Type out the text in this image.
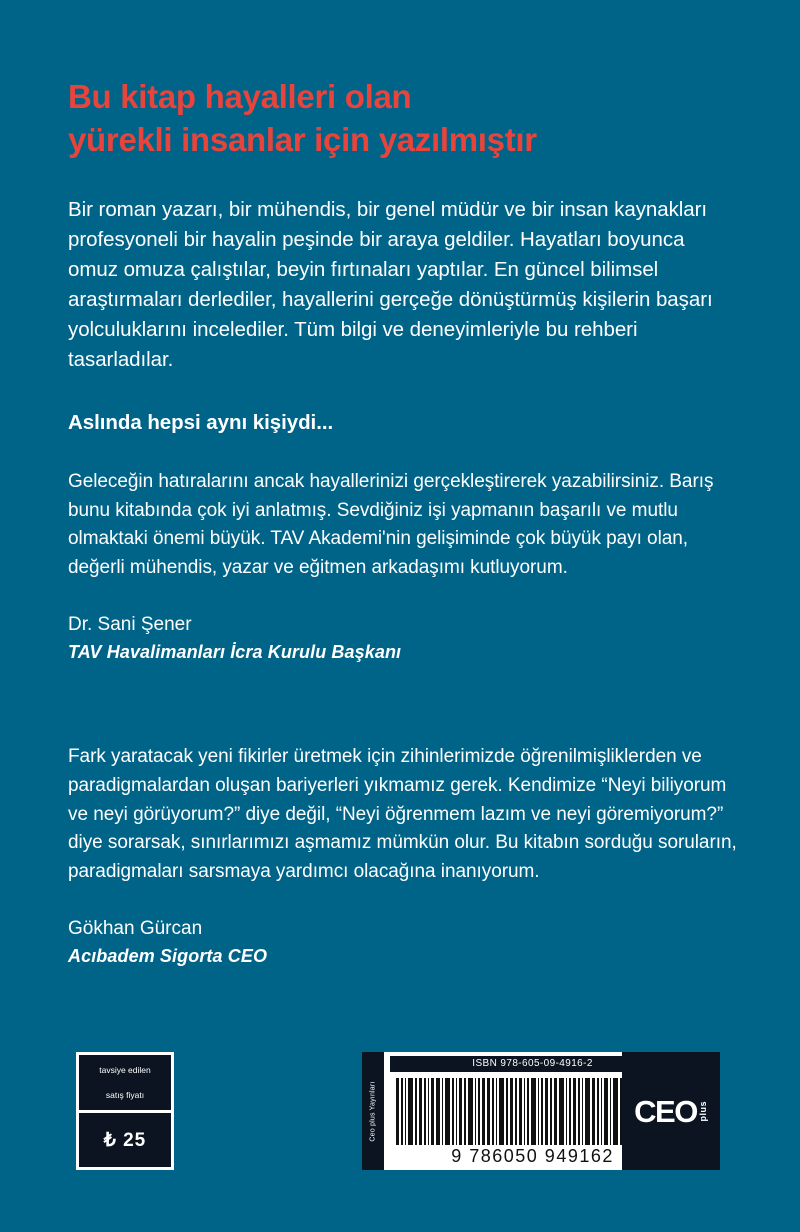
Bu kitap hayalleri olan
yürekli insanlar için yazılmıştır

Bir roman yazarı, bir mühendis, bir genel müdür ve bir insan kaynakları profesyoneli bir hayalin peşinde bir araya geldiler. Hayatları boyunca omuz omuza çalıştılar, beyin fırtınaları yaptılar. En güncel bilimsel araştırmaları derlediler, hayallerini gerçeğe dönüştürmüş kişilerin başarı yolculuklarını incelediler. Tüm bilgi ve deneyimleriyle bu rehberi tasarladılar.

Aslında hepsi aynı kişiydi...

Geleceğin hatıralarını ancak hayallerinizi gerçekleştirerek yazabilirsiniz. Barış bunu kitabında çok iyi anlatmış. Sevdiğiniz işi yapmanın başarılı ve mutlu olmaktaki önemi büyük. TAV Akademi'nin gelişiminde çok büyük payı olan, değerli mühendis, yazar ve eğitmen arkadaşımı kutluyorum.

Dr. Sani Şener
TAV Havalimanları İcra Kurulu Başkanı

Fark yaratacak yeni fikirler üretmek için zihinlerimizde öğrenilmişliklerden ve paradigmalardan oluşan bariyerleri yıkmamız gerek. Kendimize “Neyi biliyorum ve neyi görüyorum?” diye değil, “Neyi öğrenmem lazım ve neyi göremiyorum?” diye sorarsak, sınırlarımızı aşmamız mümkün olur. Bu kitabın sorduğu soruların, paradigmaları sarsmaya yardımcı olacağına inanıyorum.

Gökhan Gürcan
Acıbadem Sigorta CEO
tavsiye edilen

satış fiyatı
₺ 25	Ceo plus Yayınları
ISBN 978-605-09-4916-2
9 786050 949162
CEO plus
